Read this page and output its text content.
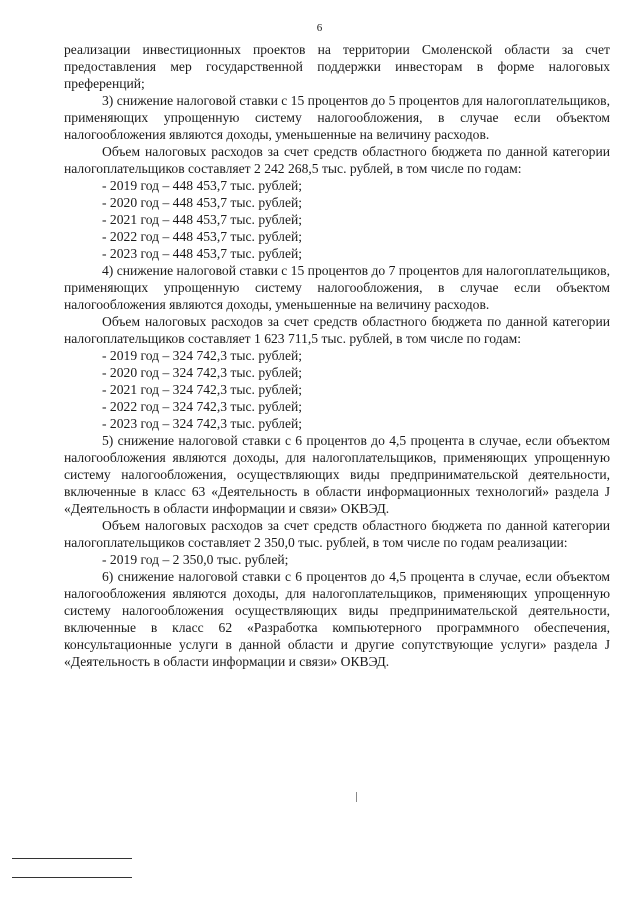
6

реализации инвестиционных проектов на территории Смоленской области за счет предоставления мер государственной поддержки инвесторам в форме налоговых преференций;

3) снижение налоговой ставки с 15 процентов до 5 процентов для налогоплательщиков, применяющих упрощенную систему налогообложения, в случае если объектом налогообложения являются доходы, уменьшенные на величину расходов.

Объем налоговых расходов за счет средств областного бюджета по данной категории налогоплательщиков составляет 2 242 268,5 тыс. рублей, в том числе по годам:

- 2019 год – 448 453,7 тыс. рублей;

- 2020 год – 448 453,7 тыс. рублей;

- 2021 год – 448 453,7 тыс. рублей;

- 2022 год – 448 453,7 тыс. рублей;

- 2023 год – 448 453,7 тыс. рублей;

4) снижение налоговой ставки с 15 процентов до 7 процентов для налогоплательщиков, применяющих упрощенную систему налогообложения, в случае если объектом налогообложения являются доходы, уменьшенные на величину расходов.

Объем налоговых расходов за счет средств областного бюджета по данной категории налогоплательщиков составляет 1 623 711,5 тыс. рублей, в том числе по годам:

- 2019 год – 324 742,3 тыс. рублей;

- 2020 год – 324 742,3 тыс. рублей;

- 2021 год – 324 742,3 тыс. рублей;

- 2022 год – 324 742,3 тыс. рублей;

- 2023 год – 324 742,3 тыс. рублей;

5) снижение налоговой ставки с 6 процентов до 4,5 процента в случае, если объектом налогообложения являются доходы, для налогоплательщиков, применяющих упрощенную систему налогообложения, осуществляющих виды предпринимательской деятельности, включенные в класс 63 «Деятельность в области информационных технологий» раздела J «Деятельность в области информации и связи» ОКВЭД.

Объем налоговых расходов за счет средств областного бюджета по данной категории налогоплательщиков составляет 2 350,0 тыс. рублей, в том числе по годам реализации:

- 2019 год – 2 350,0 тыс. рублей;

6) снижение налоговой ставки с 6 процентов до 4,5 процента в случае, если объектом налогообложения являются доходы, для налогоплательщиков, применяющих упрощенную систему налогообложения осуществляющих виды предпринимательской деятельности, включенные в класс 62 «Разработка компьютерного программного обеспечения, консультационные услуги в данной области и другие сопутствующие услуги» раздела J «Деятельность в области информации и связи» ОКВЭД.
